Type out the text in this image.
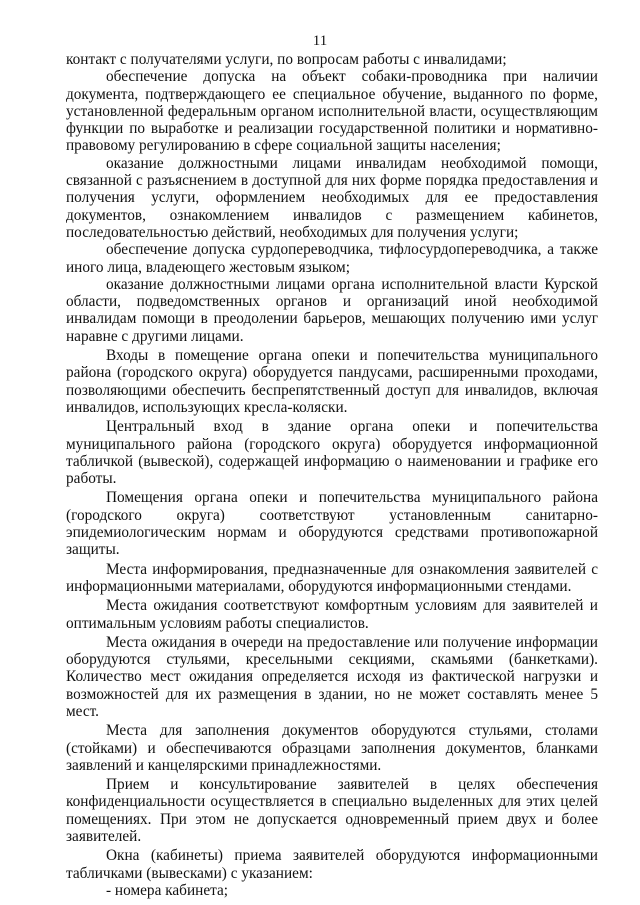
11

контакт с получателями услуги, по вопросам работы с инвалидами;

обеспечение допуска на объект собаки-проводника при наличии документа, подтверждающего ее специальное обучение, выданного по форме, установленной федеральным органом исполнительной власти, осуществляющим функции по выработке и реализации государственной политики и нормативно-правовому регулированию в сфере социальной защиты населения;

оказание должностными лицами инвалидам необходимой помощи, связанной с разъяснением в доступной для них форме порядка предоставления и получения услуги, оформлением необходимых для ее предоставления документов, ознакомлением инвалидов с размещением кабинетов, последовательностью действий, необходимых для получения услуги;

обеспечение допуска сурдопереводчика, тифлосурдопереводчика, а также иного лица, владеющего жестовым языком;

оказание должностными лицами органа исполнительной власти Курской области, подведомственных органов и организаций иной необходимой инвалидам помощи в преодолении барьеров, мешающих получению ими услуг наравне с другими лицами.

Входы в помещение органа опеки и попечительства муниципального района (городского округа) оборудуется пандусами, расширенными проходами, позволяющими обеспечить беспрепятственный доступ для инвалидов, включая инвалидов, использующих кресла-коляски.

Центральный вход в здание органа опеки и попечительства муниципального района (городского округа) оборудуется информационной табличкой (вывеской), содержащей информацию о наименовании и графике его работы.

Помещения органа опеки и попечительства муниципального района (городского округа) соответствуют установленным санитарно-эпидемиологическим нормам и оборудуются средствами противопожарной защиты.

Места информирования, предназначенные для ознакомления заявителей с информационными материалами, оборудуются информационными стендами.

Места ожидания соответствуют комфортным условиям для заявителей и оптимальным условиям работы специалистов.

Места ожидания в очереди на предоставление или получение информации оборудуются стульями, кресельными секциями, скамьями (банкетками). Количество мест ожидания определяется исходя из фактической нагрузки и возможностей для их размещения в здании, но не может составлять менее 5 мест.

Места для заполнения документов оборудуются стульями, столами (стойками) и обеспечиваются образцами заполнения документов, бланками заявлений и канцелярскими принадлежностями.

Прием и консультирование заявителей в целях обеспечения конфиденциальности осуществляется в специально выделенных для этих целей помещениях. При этом не допускается одновременный прием двух и более заявителей.

Окна (кабинеты) приема заявителей оборудуются информационными табличками (вывесками) с указанием:

- номера кабинета;
